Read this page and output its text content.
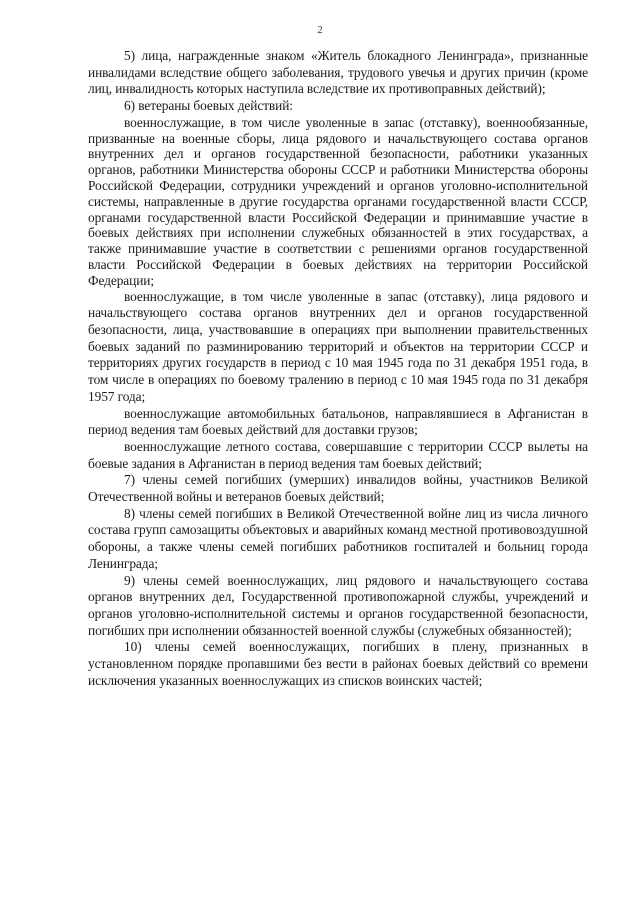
2

5) лица, награжденные знаком «Житель блокадного Ленинграда», признанные инвалидами вследствие общего заболевания, трудового увечья и других причин (кроме лиц, инвалидность которых наступила вследствие их противоправных действий);

6) ветераны боевых действий:

военнослужащие, в том числе уволенные в запас (отставку), военнообязанные, призванные на военные сборы, лица рядового и начальствующего состава органов внутренних дел и органов государственной безопасности, работники указанных органов, работники Министерства обороны СССР и работники Министерства обороны Российской Федерации, сотрудники учреждений и органов уголовно-исполнительной системы, направленные в другие государства органами государственной власти СССР, органами государственной власти Российской Федерации и принимавшие участие в боевых действиях при исполнении служебных обязанностей в этих государствах, а также принимавшие участие в соответствии с решениями органов государственной власти Российской Федерации в боевых действиях на территории Российской Федерации;

военнослужащие, в том числе уволенные в запас (отставку), лица рядового и начальствующего состава органов внутренних дел и органов государственной безопасности, лица, участвовавшие в операциях при выполнении правительственных боевых заданий по разминированию территорий и объектов на территории СССР и территориях других государств в период с 10 мая 1945 года по 31 декабря 1951 года, в том числе в операциях по боевому тралению в период с 10 мая 1945 года по 31 декабря 1957 года;

военнослужащие автомобильных батальонов, направлявшиеся в Афганистан в период ведения там боевых действий для доставки грузов;

военнослужащие летного состава, совершавшие с территории СССР вылеты на боевые задания в Афганистан в период ведения там боевых действий;

7) члены семей погибших (умерших) инвалидов войны, участников Великой Отечественной войны и ветеранов боевых действий;

8) члены семей погибших в Великой Отечественной войне лиц из числа личного состава групп самозащиты объектовых и аварийных команд местной противовоздушной обороны, а также члены семей погибших работников госпиталей и больниц города Ленинграда;

9) члены семей военнослужащих, лиц рядового и начальствующего состава органов внутренних дел, Государственной противопожарной службы, учреждений и органов уголовно-исполнительной системы и органов государственной безопасности, погибших при исполнении обязанностей военной службы (служебных обязанностей);

10) члены семей военнослужащих, погибших в плену, признанных в установленном порядке пропавшими без вести в районах боевых действий со времени исключения указанных военнослужащих из списков воинских частей;
